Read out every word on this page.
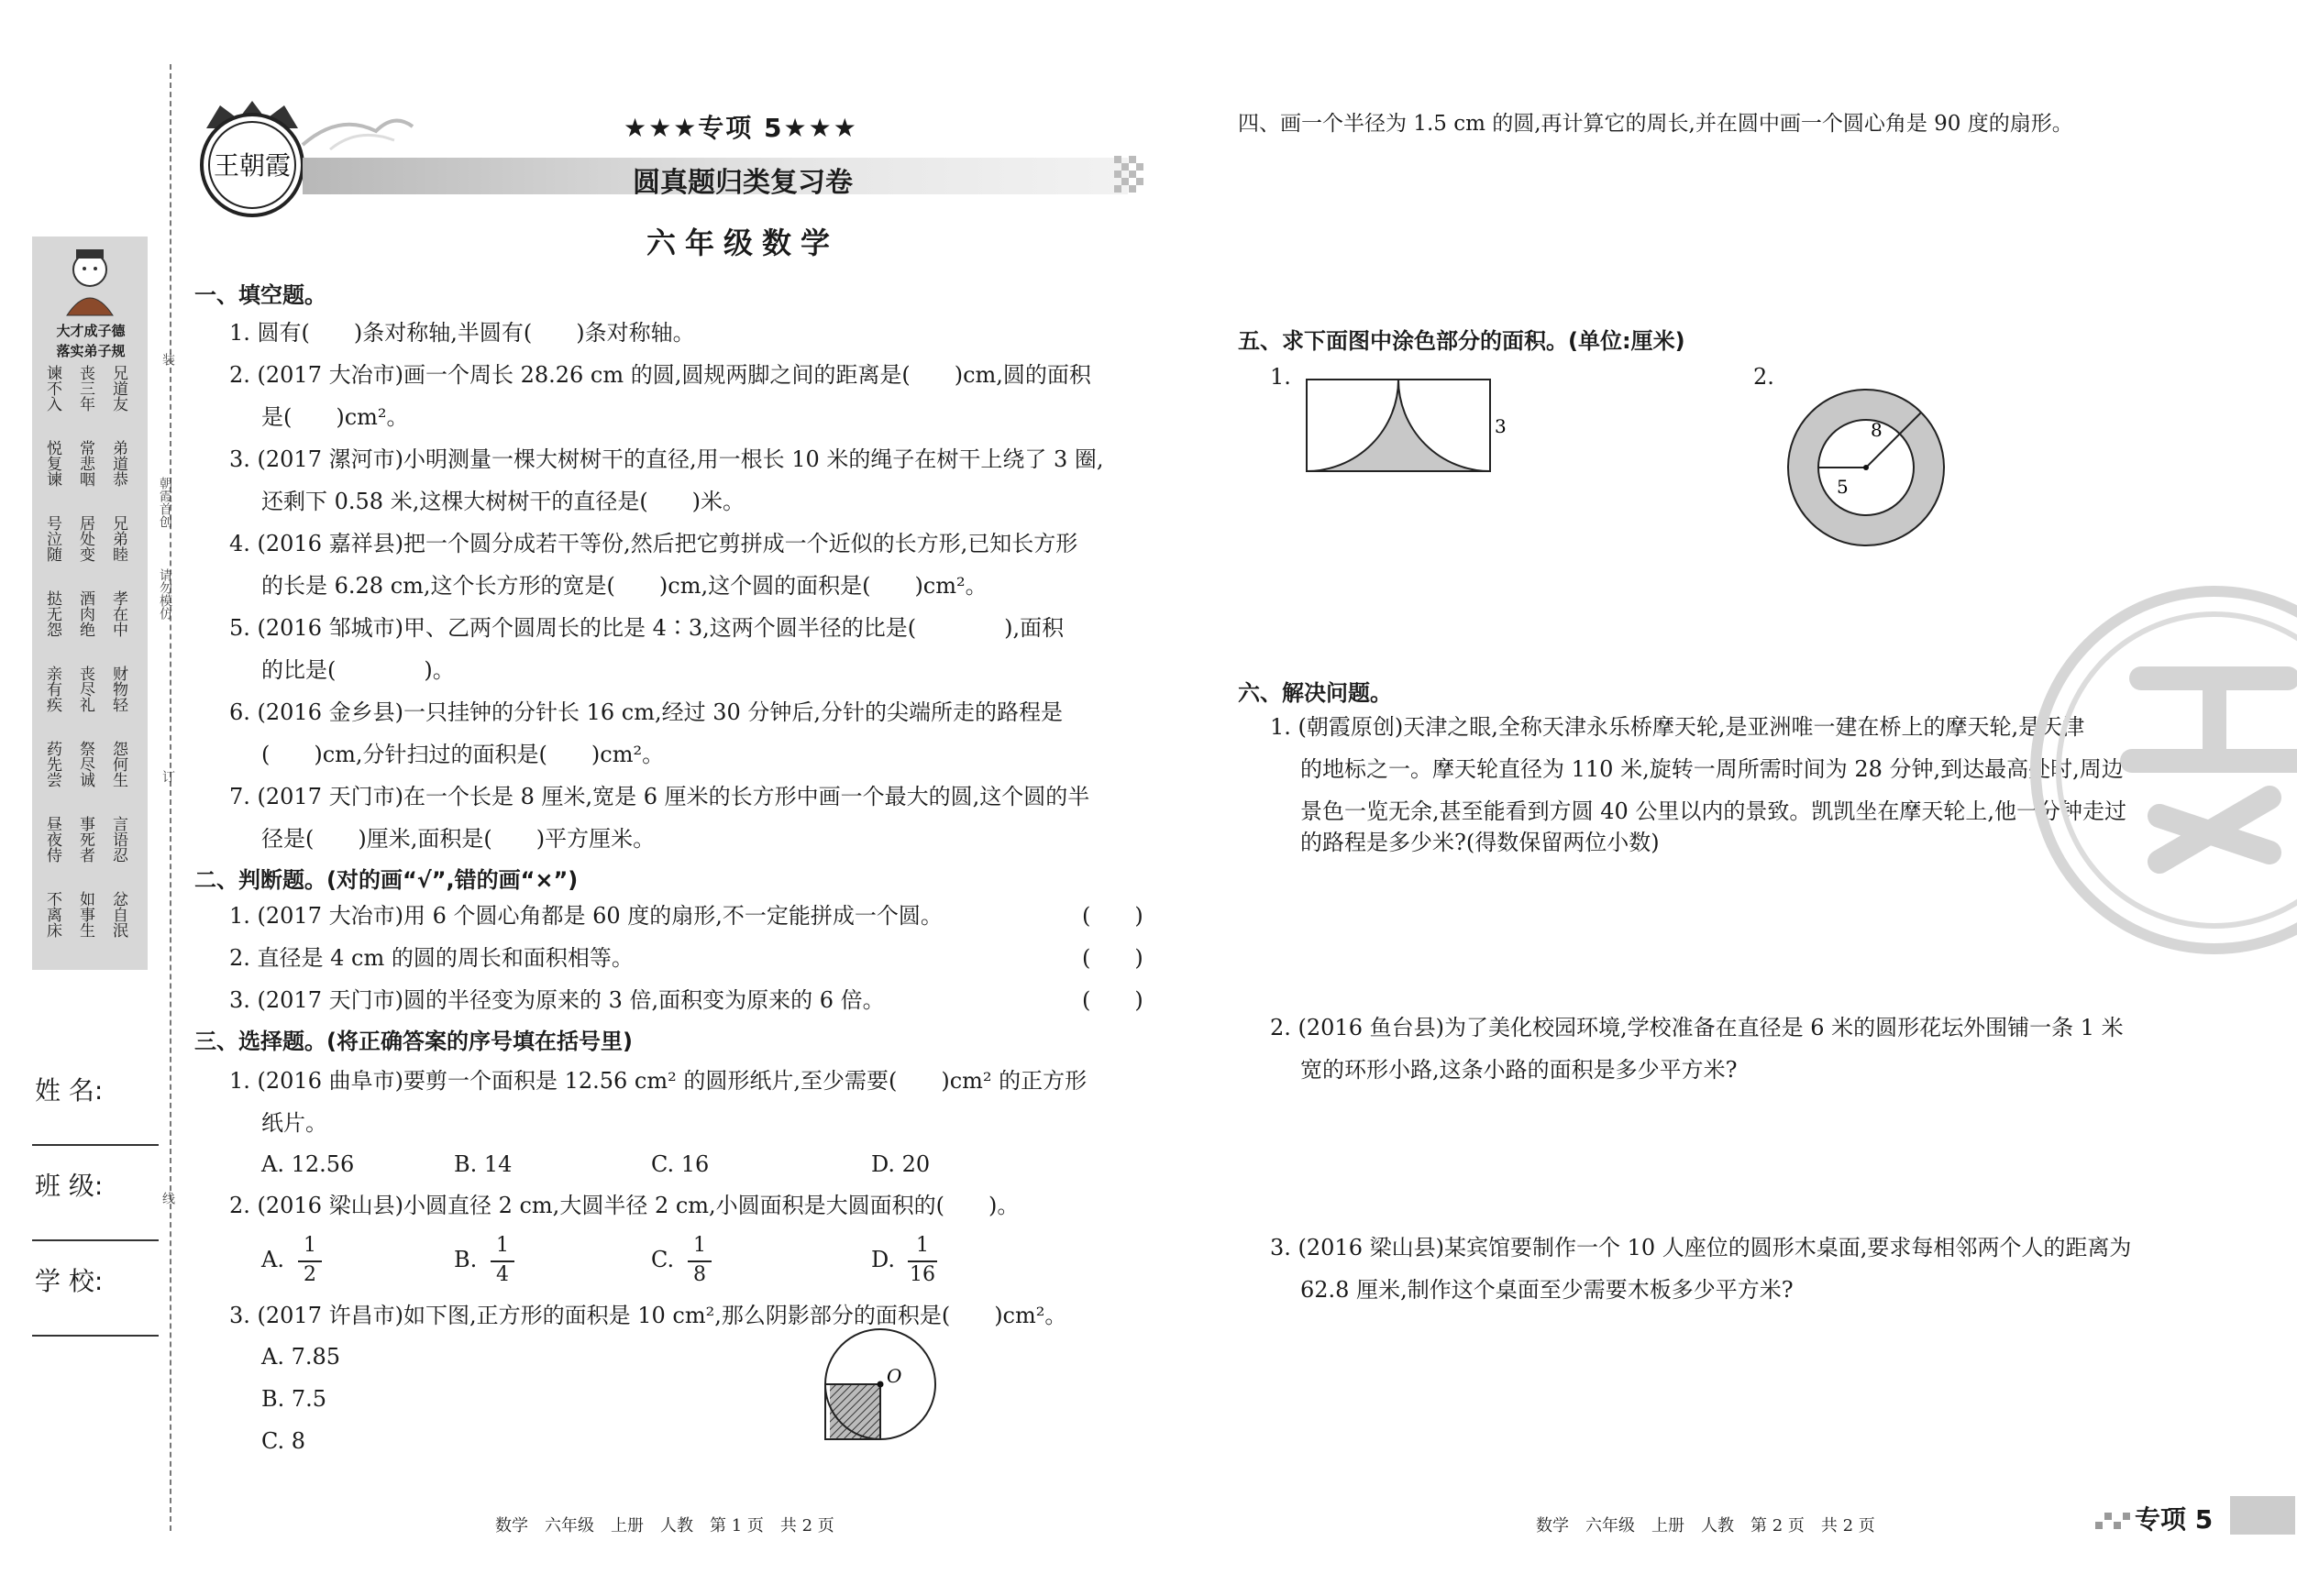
大才成子德
落实弟子规
兄道友
丧三年
谏不入
弟道恭
常悲咽
悦复谏
兄弟睦
居处变
号泣随
孝在中
酒肉绝
挞无怨
财物轻
丧尽礼
亲有疾
怨何生
祭尽诚
药先尝
言语忍
事死者
昼夜侍
忿自泯
如事生
不离床
装
朝霞首创
请勿模仿
订
线
姓 名:
班 级:
学 校:
王朝霞
★★★专项 5★★★
圆真题归类复习卷
六年级数学
一、填空题。
1. 圆有(　　)条对称轴,半圆有(　　)条对称轴。
2. (2017 大冶市)画一个周长 28.26 cm 的圆,圆规两脚之间的距离是(　　)cm,圆的面积
是(　　)cm²。
3. (2017 漯河市)小明测量一棵大树树干的直径,用一根长 10 米的绳子在树干上绕了 3 圈,
还剩下 0.58 米,这棵大树树干的直径是(　　)米。
4. (2016 嘉祥县)把一个圆分成若干等份,然后把它剪拼成一个近似的长方形,已知长方形
的长是 6.28 cm,这个长方形的宽是(　　)cm,这个圆的面积是(　　)cm²。
5. (2016 邹城市)甲、乙两个圆周长的比是 4∶3,这两个圆半径的比是(　　　　),面积
的比是(　　　　)。
6. (2016 金乡县)一只挂钟的分针长 16 cm,经过 30 分钟后,分针的尖端所走的路程是
(　　)cm,分针扫过的面积是(　　)cm²。
7. (2017 天门市)在一个长是 8 厘米,宽是 6 厘米的长方形中画一个最大的圆,这个圆的半
径是(　　)厘米,面积是(　　)平方厘米。
二、判断题。(对的画“√”,错的画“×”)
1. (2017 大冶市)用 6 个圆心角都是 60 度的扇形,不一定能拼成一个圆。	(　　)
2. 直径是 4 cm 的圆的周长和面积相等。	(　　)
3. (2017 天门市)圆的半径变为原来的 3 倍,面积变为原来的 6 倍。	(　　)
三、选择题。(将正确答案的序号填在括号里)
1. (2016 曲阜市)要剪一个面积是 12.56 cm² 的圆形纸片,至少需要(　　)cm² 的正方形
纸片。
A. 12.56	B. 14	C. 16	D. 20
2. (2016 梁山县)小圆直径 2 cm,大圆半径 2 cm,小圆面积是大圆面积的(　　)。
A.
1
2
B.
1
4
C.
1
8
D.
1
16
3. (2017 许昌市)如下图,正方形的面积是 10 cm²,那么阴影部分的面积是(　　)cm²。
A. 7.85
B. 7.5
C. 8
O
四、画一个半径为 1.5 cm 的圆,再计算它的周长,并在圆中画一个圆心角是 90 度的扇形。
五、求下面图中涂色部分的面积。(单位:厘米)
1.
3
2.
8
5
六、解决问题。
1. (朝霞原创)天津之眼,全称天津永乐桥摩天轮,是亚洲唯一建在桥上的摩天轮,是天津
的地标之一。摩天轮直径为 110 米,旋转一周所需时间为 28 分钟,到达最高处时,周边
景色一览无余,甚至能看到方圆 40 公里以内的景致。凯凯坐在摩天轮上,他一分钟走过
的路程是多少米?(得数保留两位小数)
2. (2016 鱼台县)为了美化校园环境,学校准备在直径是 6 米的圆形花坛外围铺一条 1 米
宽的环形小路,这条小路的面积是多少平方米?
3. (2016 梁山县)某宾馆要制作一个 10 人座位的圆形木桌面,要求每相邻两个人的距离为
62.8 厘米,制作这个桌面至少需要木板多少平方米?
数学　六年级　上册　人教　第 1 页　共 2 页	数学　六年级　上册　人教　第 2 页　共 2 页	专项 5
